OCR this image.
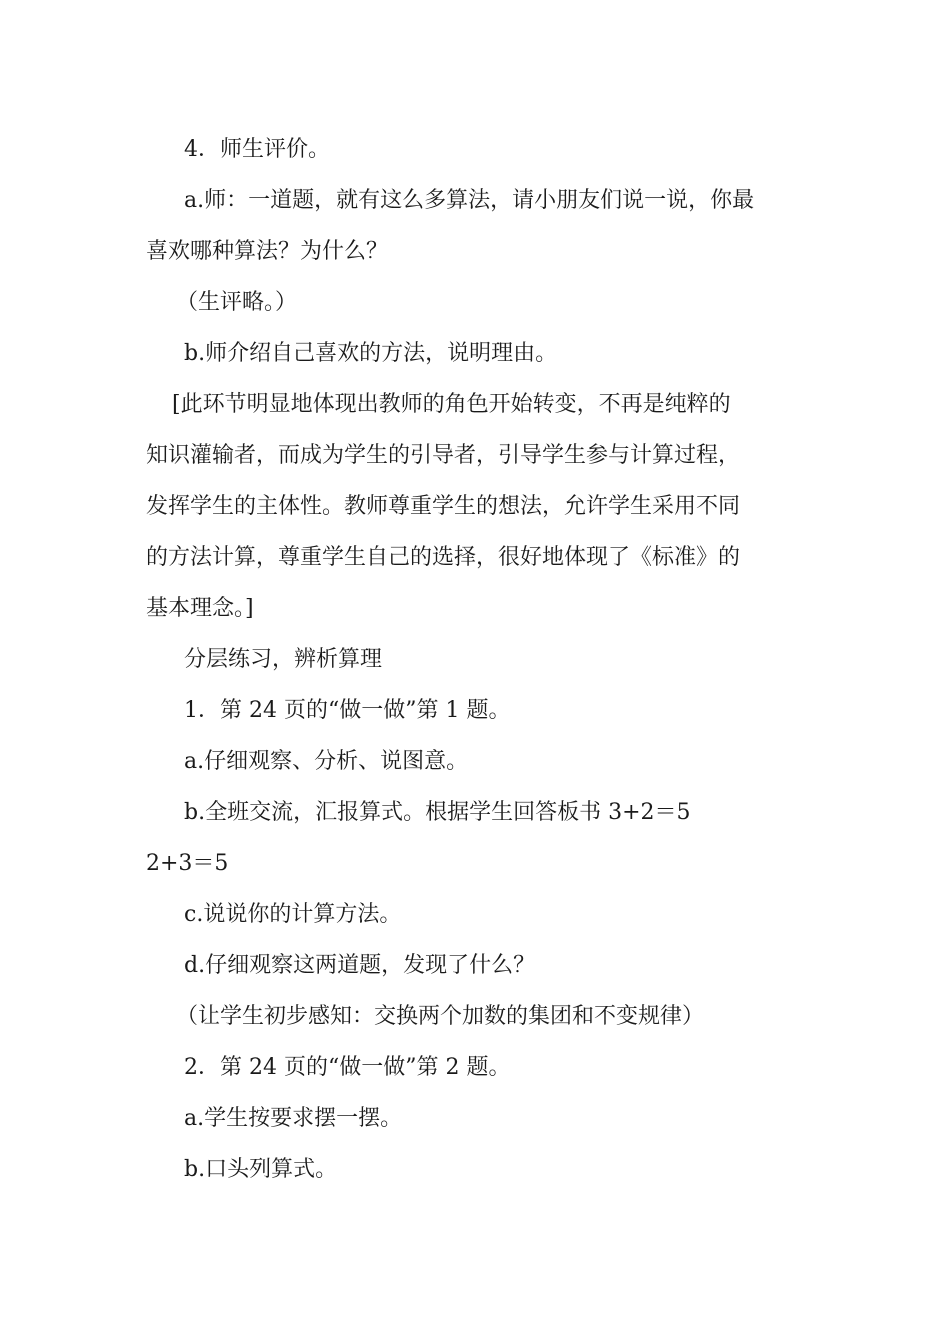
4．师生评价。
a.师：一道题，就有这么多算法，请小朋友们说一说，你最
喜欢哪种算法？为什么？
（生评略。）
b.师介绍自己喜欢的方法，说明理由。
[此环节明显地体现出教师的角色开始转变，不再是纯粹的
知识灌输者，而成为学生的引导者，引导学生参与计算过程，
发挥学生的主体性。教师尊重学生的想法，允许学生采用不同
的方法计算，尊重学生自己的选择，很好地体现了《标准》的
基本理念。]
分层练习，辨析算理
1．第 24 页的“做一做”第 1 题。
a.仔细观察、分析、说图意。
b.全班交流，汇报算式。根据学生回答板书 3+2＝5
2+3＝5
c.说说你的计算方法。
d.仔细观察这两道题，发现了什么？
（让学生初步感知：交换两个加数的集团和不变规律）
2．第 24 页的“做一做”第 2 题。
a.学生按要求摆一摆。
b.口头列算式。
